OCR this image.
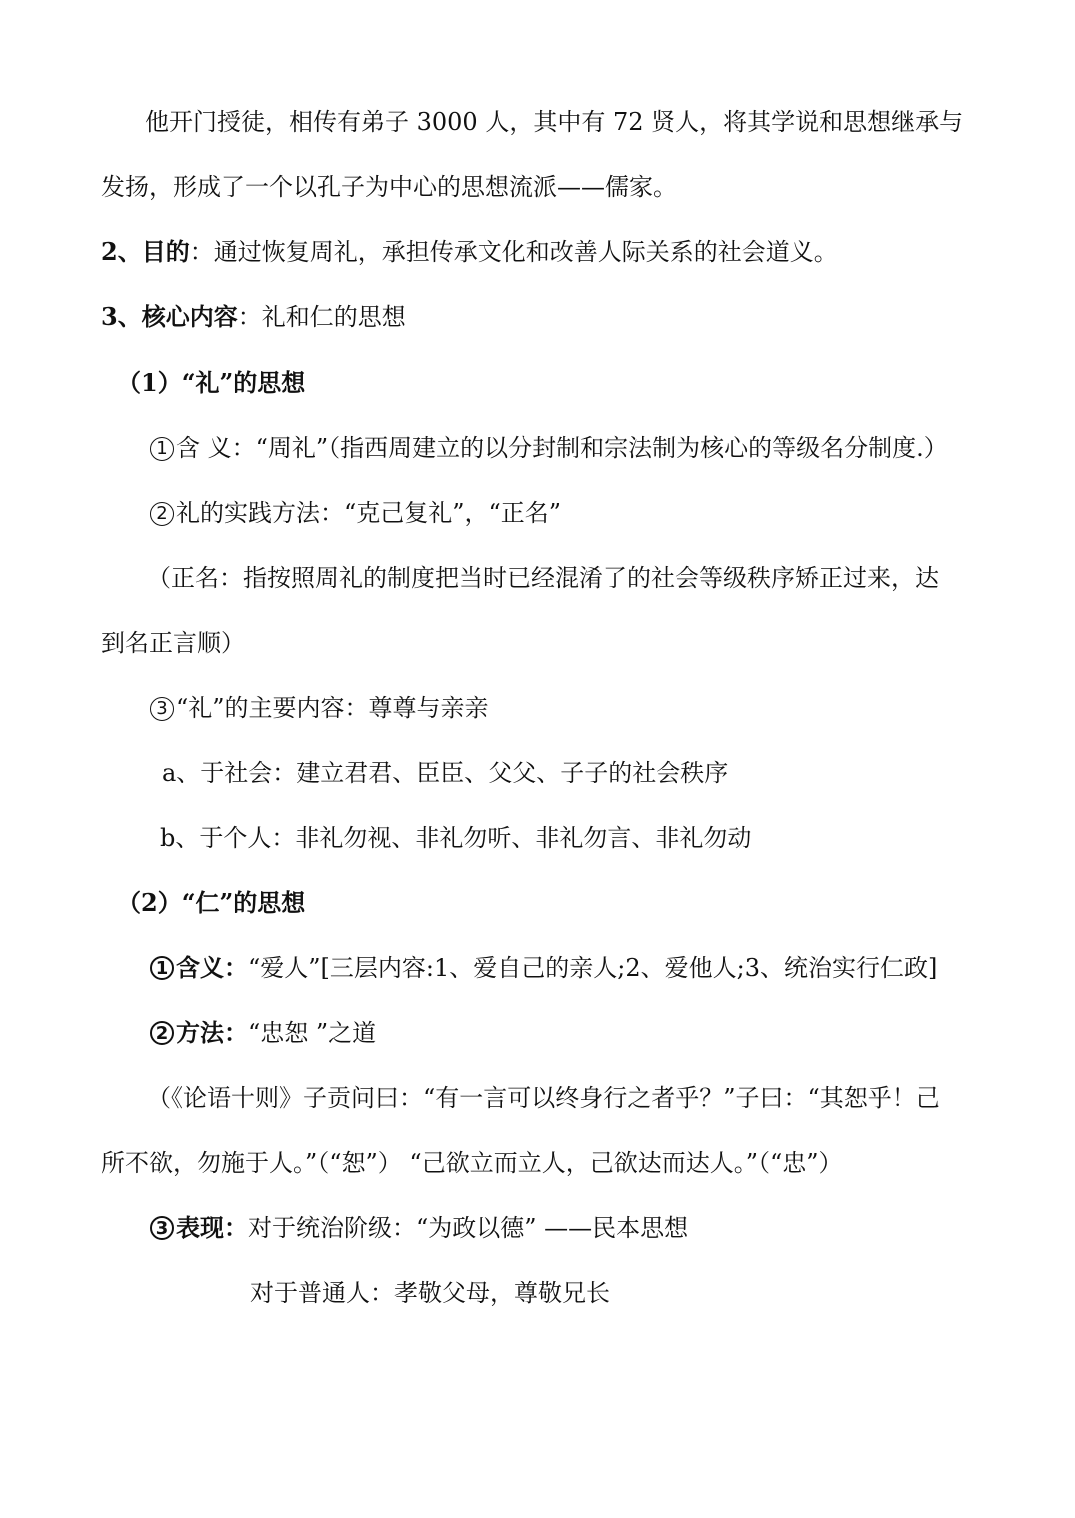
他开门授徒，相传有弟子 3000 人，其中有 72 贤人，将其学说和思想继承与
发扬，形成了一个以孔子为中心的思想流派——儒家。
2、目的：通过恢复周礼，承担传承文化和改善人际关系的社会道义。
3、核心内容：礼和仁的思想
（1）“礼”的思想
1 含 义：“周礼”（指西周建立的以分封制和宗法制为核心的等级名分制度.）
2 礼的实践方法：“克己复礼”，“正名”
（正名：指按照周礼的制度把当时已经混淆了的社会等级秩序矫正过来，达
到名正言顺）
3 “礼”的主要内容：尊尊与亲亲
a、于社会：建立君君、臣臣、父父、子子的社会秩序
b、于个人：非礼勿视、非礼勿听、非礼勿言、非礼勿动
（2）“仁”的思想
1 含义：“爱人”[三层内容:1、爱自己的亲人;2、爱他人;3、统治实行仁政]
2 方法：“忠恕 ”之道
（《论语十则》子贡问曰：“有一言可以终身行之者乎？”子曰：“其恕乎！己
所不欲，勿施于人。”（“恕”） “己欲立而立人，己欲达而达人。”（“忠”）
3 表现：对于统治阶级：“为政以德” ——民本思想
对于普通人：孝敬父母，尊敬兄长
